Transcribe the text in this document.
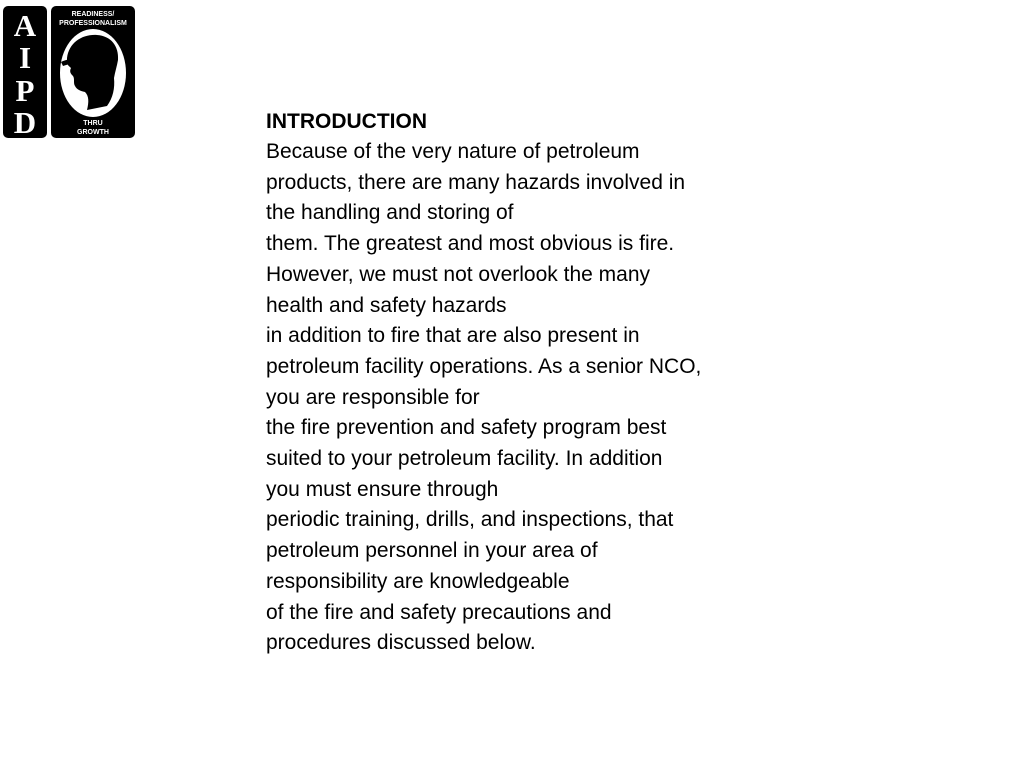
A
I
P
D
READINESS/
PROFESSIONALISM
THRU
GROWTH	INTRODUCTION
Because of the very nature of petroleum
products, there are many hazards involved in
the handling and storing of
them. The greatest and most obvious is fire.
However, we must not overlook the many
health and safety hazards
in addition to fire that are also present in
petroleum facility operations. As a senior NCO,
you are responsible for
the fire prevention and safety program best
suited to your petroleum facility. In addition
you must ensure through
periodic training, drills, and inspections, that
petroleum personnel in your area of
responsibility are knowledgeable
of the fire and safety precautions and
procedures discussed below.
